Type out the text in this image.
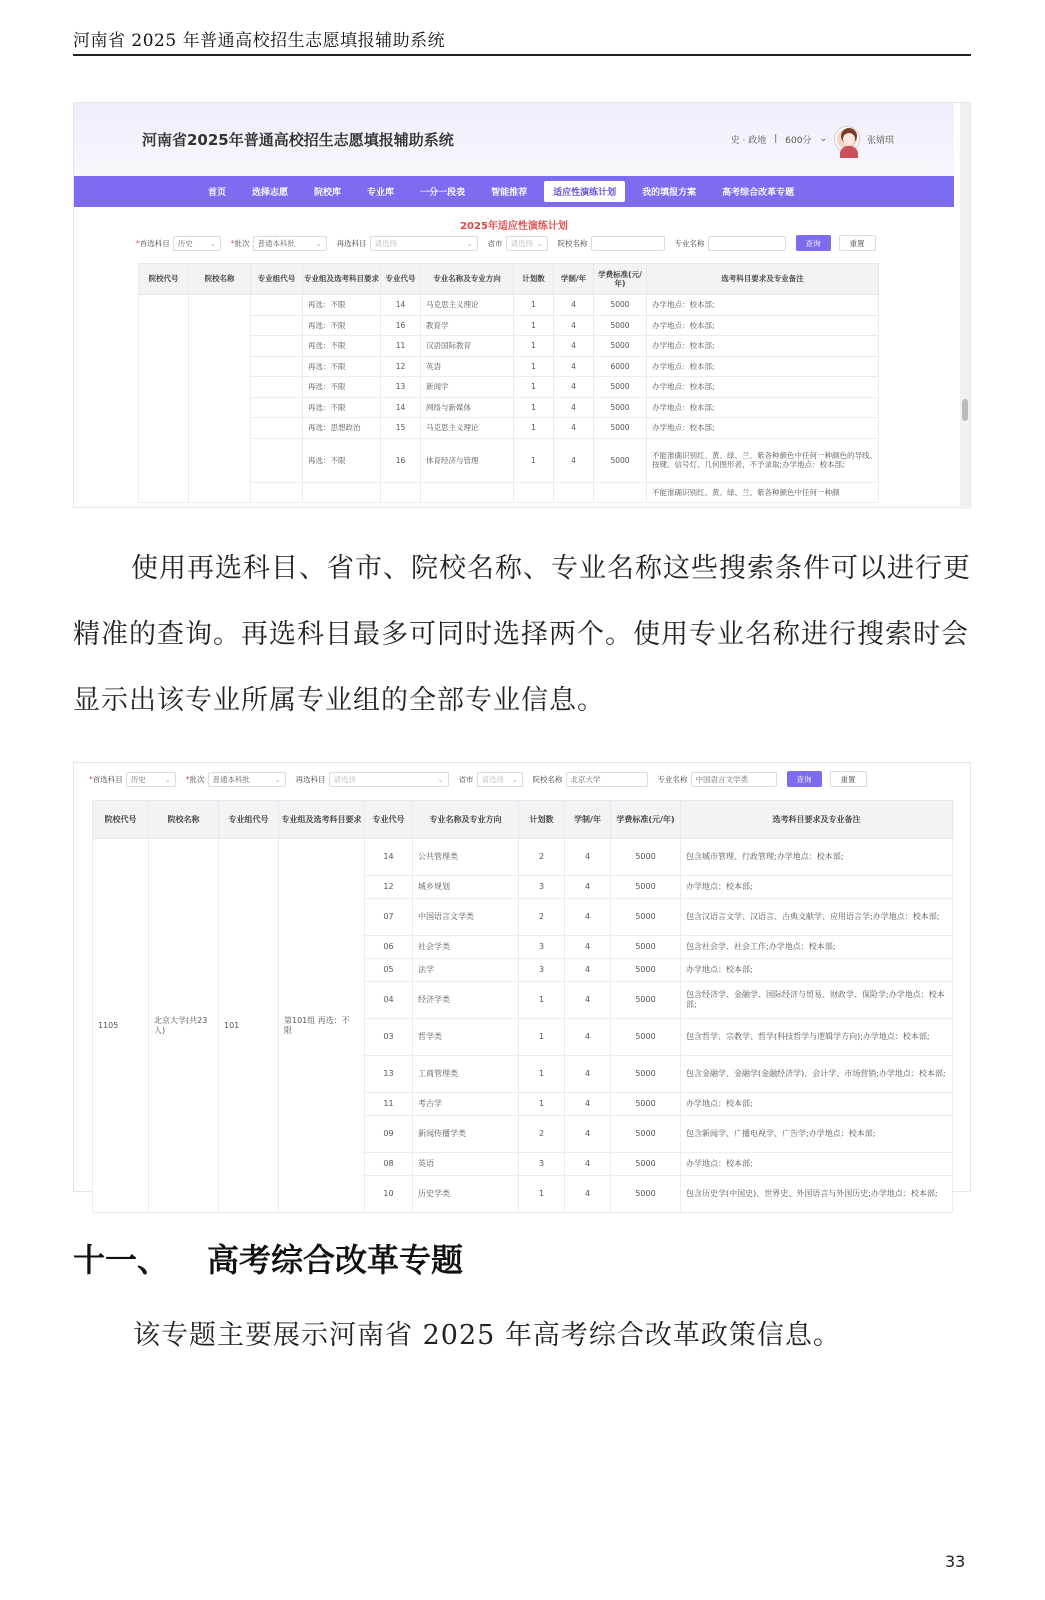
河南省 2025 年普通高校招生志愿填报辅助系统
河南省2025年普通高校招生志愿填报辅助系统	史 · 政地 | 600分 ⌄	张婧琪
首页	选择志愿	院校库	专业库	一分一段表	智能推荐	适应性演练计划	我的填报方案	高考综合改革专题
2025年适应性演练计划
*首选科目 历史 ⌄ *批次 普通本科批	⌄ 再选科目 请选择	⌄ 省市 请选择 ⌄ 院校名称	专业名称	查询	重置
院校代号	院校名称	专业组代号	专业组及选考科目要求	专业代号	专业名称及专业方向	计划数	学制/年	学费标准(元/年)	选考科目要求及专业备注
			再选：不限	14	马克思主义理论	1	4	5000	办学地点：校本部;
			再选：不限	16	教育学	1	4	5000	办学地点：校本部;
			再选：不限	11	汉语国际教育	1	4	5000	办学地点：校本部;
			再选：不限	12	英语	1	4	6000	办学地点：校本部;
			再选：不限	13	新闻学	1	4	5000	办学地点：校本部;
			再选：不限	14	网络与新媒体	1	4	5000	办学地点：校本部;
			再选：思想政治	15	马克思主义理论	1	4	5000	办学地点：校本部;
			再选：不限	16	体育经济与管理	1	4	5000	不能准确识别红、黄、绿、兰、紫各种颜色中任何一种颜色的导线、按键、信号灯、几何图形者，不予录取;办学地点：校本部;
									不能准确识别红、黄、绿、兰、紫各种颜色中任何一种颜
使用再选科目、省市、院校名称、专业名称这些搜索条件可以进行更精准的查询。再选科目最多可同时选择两个。使用专业名称进行搜索时会显示出该专业所属专业组的全部专业信息。
*首选科目 历史	⌄ *批次 普通本科批	⌄ 再选科目 请选择	⌄ 省市 请选择 ⌄ 院校名称	北京大学	专业名称	中国语言文学类	查询	重置
院校代号	院校名称	专业组代号	专业组及选考科目要求	专业代号	专业名称及专业方向	计划数	学制/年	学费标准(元/年)	选考科目要求及专业备注
1105	北京大学(共23人)	101	第101组 再选：不限	14	公共管理类	2	4	5000	包含城市管理、行政管理;办学地点：校本部;
				12	城乡规划	3	4	5000	办学地点：校本部;
				07	中国语言文学类	2	4	5000	包含汉语言文学、汉语言、古典文献学、应用语言学;办学地点：校本部;
				06	社会学类	3	4	5000	包含社会学、社会工作;办学地点：校本部;
				05	法学	3	4	5000	办学地点：校本部;
				04	经济学类	1	4	5000	包含经济学、金融学、国际经济与贸易、财政学、保险学;办学地点：校本部;
				03	哲学类	1	4	5000	包含哲学、宗教学、哲学(科技哲学与逻辑学方向);办学地点：校本部;
				13	工商管理类	1	4	5000	包含金融学、金融学(金融经济学)、会计学、市场营销;办学地点：校本部;
				11	考古学	1	4	5000	办学地点：校本部;
				09	新闻传播学类	2	4	5000	包含新闻学、广播电视学、广告学;办学地点：校本部;
				08	英语	3	4	5000	办学地点：校本部;
				10	历史学类	1	4	5000	包含历史学(中国史)、世界史、外国语言与外国历史;办学地点：校本部;
十一、	高考综合改革专题
该专题主要展示河南省 2025 年高考综合改革政策信息。
33
